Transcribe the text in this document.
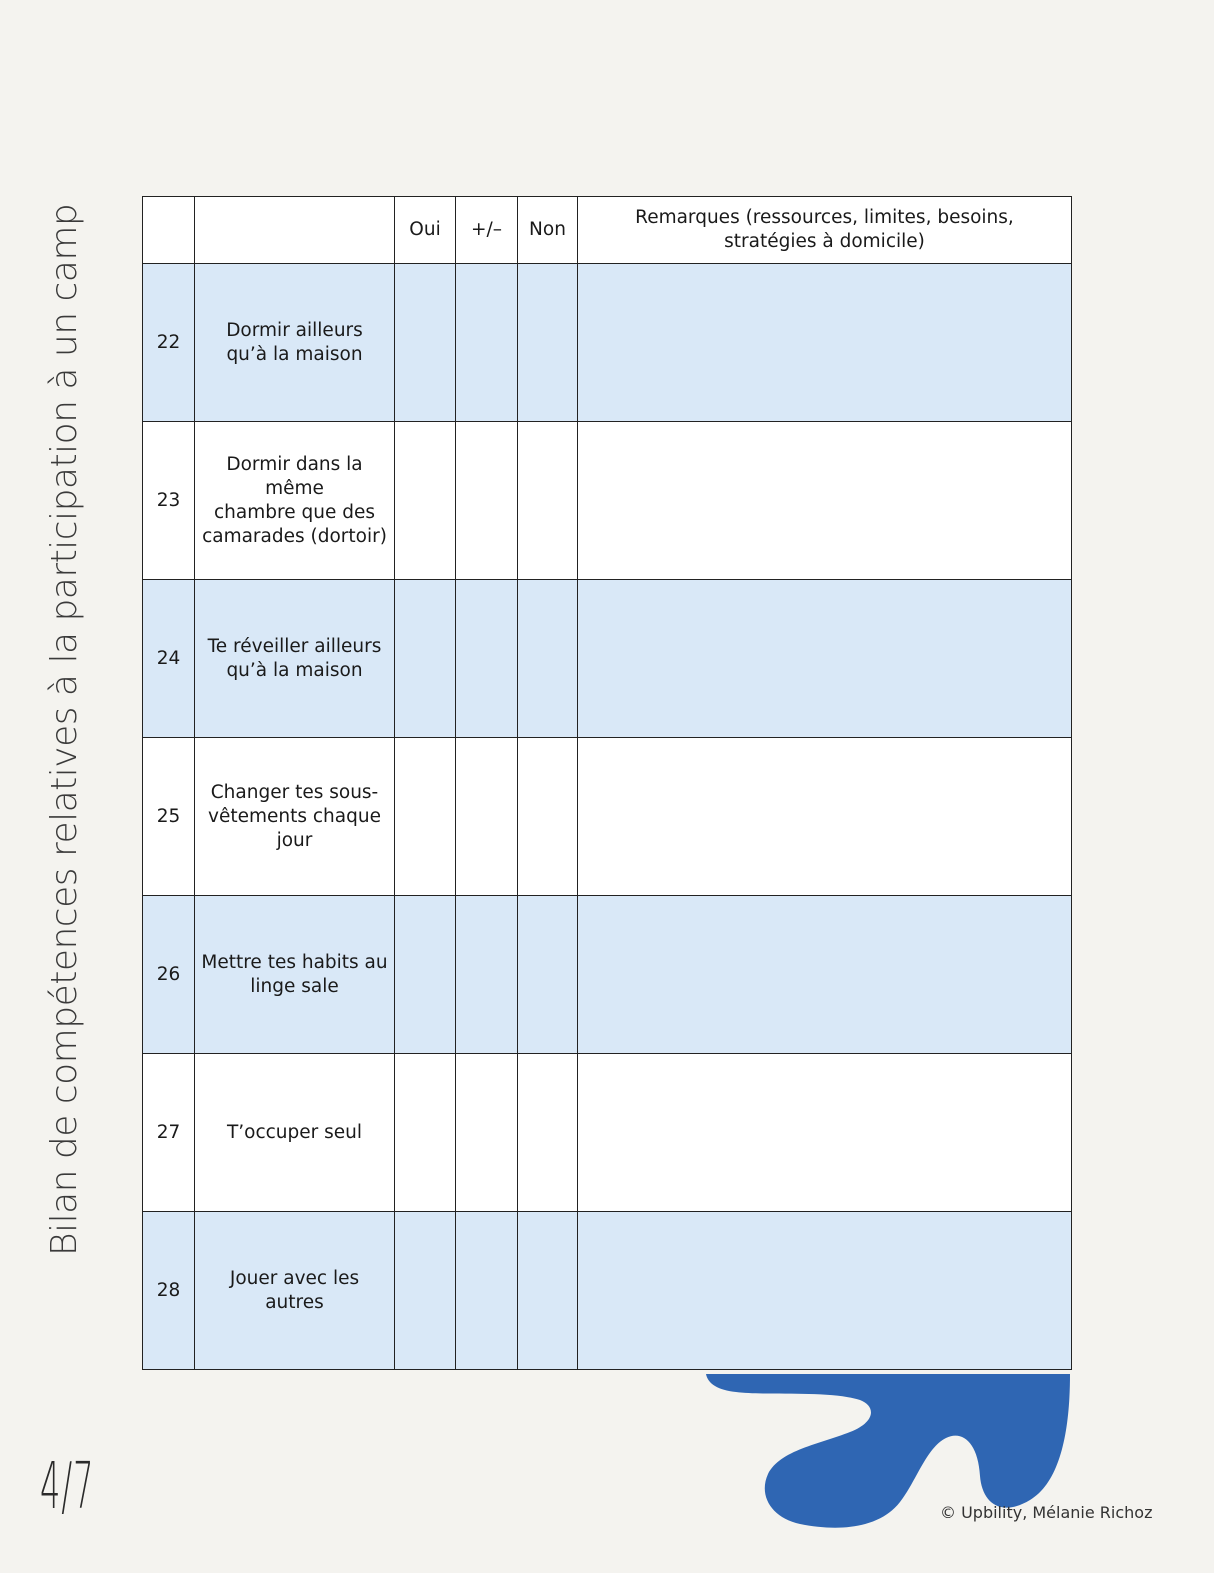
Bilan de compétences relatives à la participation à un camp
			Oui	+/–	Non	Remarques (ressources, limites, besoins,
stratégies à domicile)

22	Dormir ailleurs
qu’à la maison				

23	Dormir dans la même
chambre que des
camarades (dortoir)				

24	Te réveiller ailleurs
qu’à la maison				

25	Changer tes sous-
vêtements chaque
jour				

26	Mettre tes habits au
linge sale				

27	T’occuper seul				

28	Jouer avec les autres				

4/7	© Upbility, Mélanie Richoz
